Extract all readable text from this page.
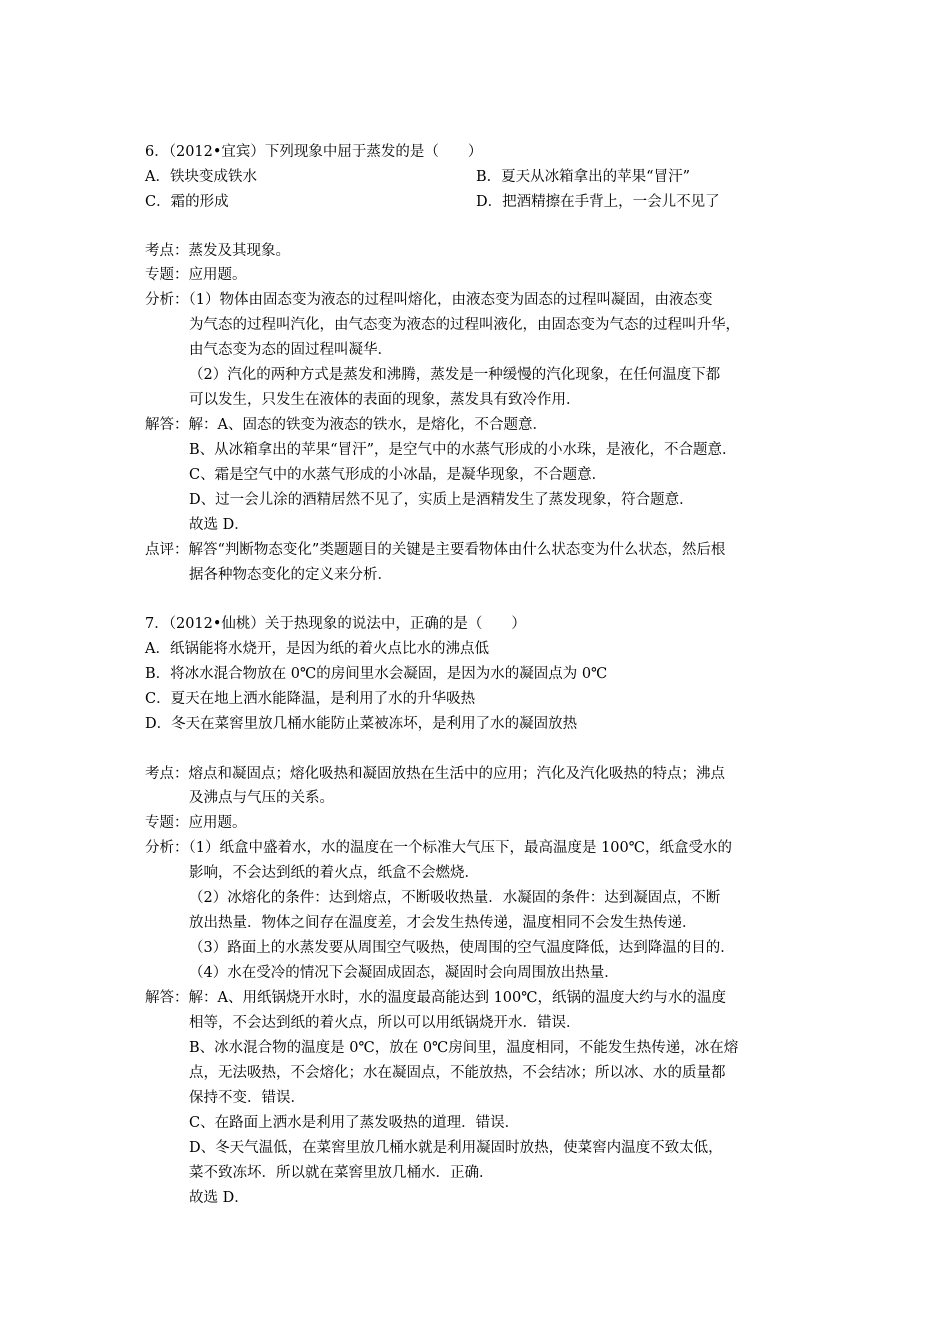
6．（2012•宜宾）下列现象中屈于蒸发的是（　　）
A．铁块变成铁水	B．夏天从冰箱拿出的苹果“冒汗”
C．霜的形成	D．把酒精擦在手背上，一会儿不见了
考点：蒸发及其现象。
专题：应用题。
分析：（1）物体由固态变为液态的过程叫熔化，由液态变为固态的过程叫凝固，由液态变
为气态的过程叫汽化，由气态变为液态的过程叫液化，由固态变为气态的过程叫升华，
由气态变为态的固过程叫凝华．
（2）汽化的两种方式是蒸发和沸腾，蒸发是一种缓慢的汽化现象，在任何温度下都
可以发生，只发生在液体的表面的现象，蒸发具有致冷作用．
解答：解：A、固态的铁变为液态的铁水，是熔化，不合题意．
B、从冰箱拿出的苹果“冒汗”，是空气中的水蒸气形成的小水珠，是液化，不合题意．
C、霜是空气中的水蒸气形成的小冰晶，是凝华现象，不合题意．
D、过一会儿涂的酒精居然不见了，实质上是酒精发生了蒸发现象，符合题意．
故选 D．
点评：解答“判断物态变化”类题题目的关键是主要看物体由什么状态变为什么状态，然后根
据各种物态变化的定义来分析．
7．（2012•仙桃）关于热现象的说法中，正确的是（　　）
A．纸锅能将水烧开，是因为纸的着火点比水的沸点低
B．将冰水混合物放在 0℃的房间里水会凝固，是因为水的凝固点为 0℃
C．夏天在地上洒水能降温，是利用了水的升华吸热
D．冬天在菜窖里放几桶水能防止菜被冻坏，是利用了水的凝固放热
考点：熔点和凝固点；熔化吸热和凝固放热在生活中的应用；汽化及汽化吸热的特点；沸点
及沸点与气压的关系。
专题：应用题。
分析：（1）纸盒中盛着水，水的温度在一个标准大气压下，最高温度是 100℃，纸盒受水的
影响，不会达到纸的着火点，纸盒不会燃烧．
（2）冰熔化的条件：达到熔点，不断吸收热量．水凝固的条件：达到凝固点，不断
放出热量．物体之间存在温度差，才会发生热传递，温度相同不会发生热传递．
（3）路面上的水蒸发要从周围空气吸热，使周围的空气温度降低，达到降温的目的．
（4）水在受冷的情况下会凝固成固态，凝固时会向周围放出热量．
解答：解：A、用纸锅烧开水时，水的温度最高能达到 100℃，纸锅的温度大约与水的温度
相等，不会达到纸的着火点，所以可以用纸锅烧开水．错误．
B、冰水混合物的温度是 0℃，放在 0℃房间里，温度相同，不能发生热传递，冰在熔
点，无法吸热，不会熔化；水在凝固点，不能放热，不会结冰；所以冰、水的质量都
保持不变．错误．
C、在路面上洒水是利用了蒸发吸热的道理．错误．
D、冬天气温低，在菜窖里放几桶水就是利用凝固时放热，使菜窖内温度不致太低，
菜不致冻坏．所以就在菜窖里放几桶水．正确．
故选 D．
